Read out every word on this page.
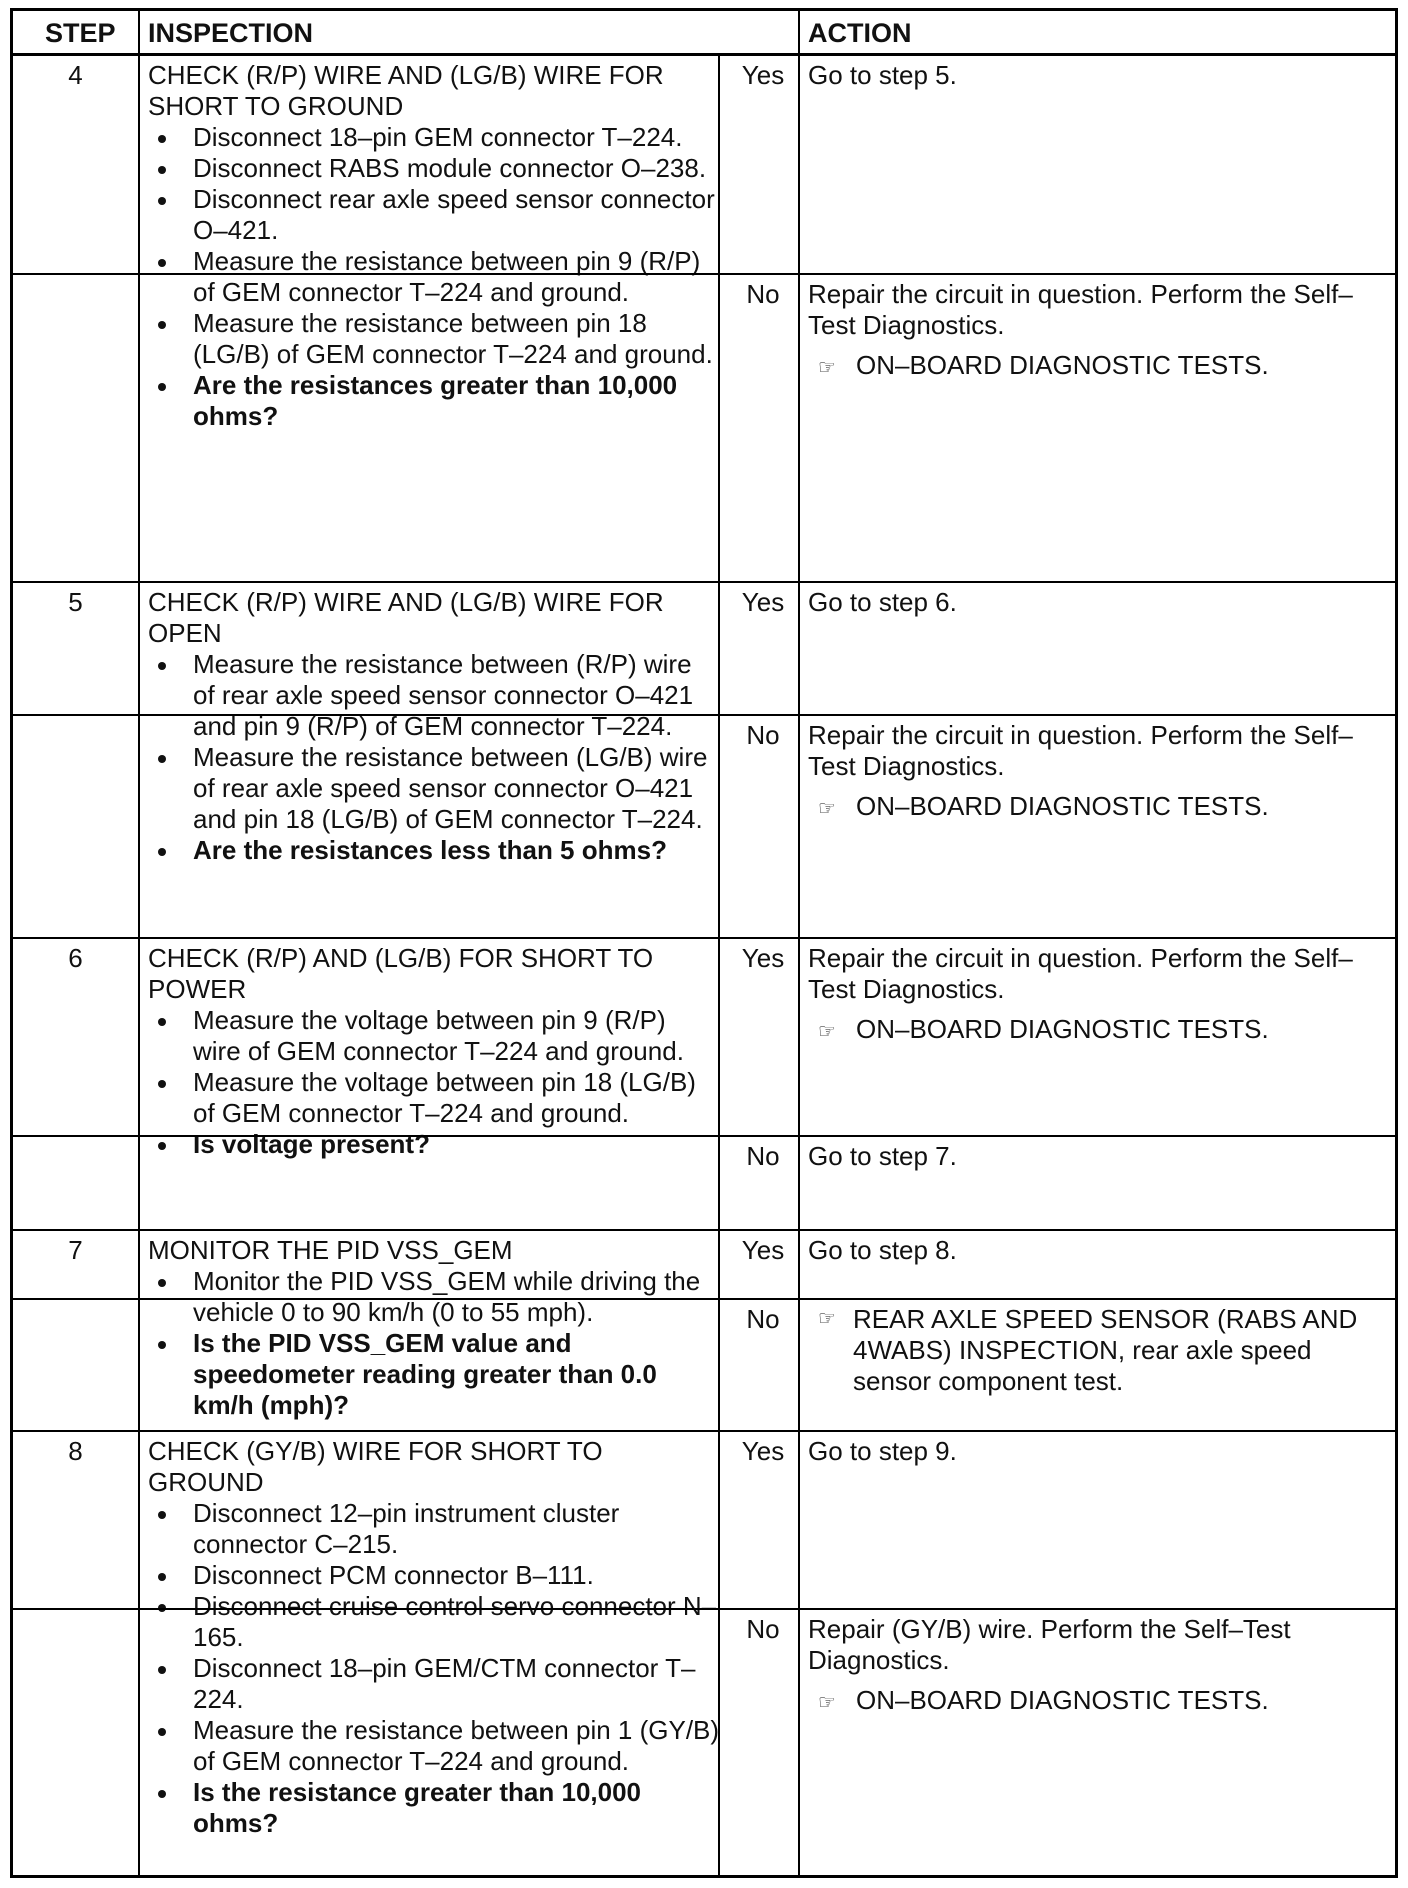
STEP INSPECTION	ACTION
4	CHECK (R/P) WIRE AND (LG/B) WIRE FOR SHORT TO GROUND

Disconnect 18–pin GEM connector T–224.
Disconnect RABS module connector O–238.
Disconnect rear axle speed sensor connector O–421.
Measure the resistance between pin 9 (R/P) of GEM connector T–224 and ground.
Measure the resistance between pin 18 (LG/B) of GEM connector T–224 and ground.
Are the resistances greater than 10,000 ohms?
Yes Go to step 5.

No	Repair the circuit in question. Perform the Self–Test Diagnostics.

☞ ON–BOARD DIAGNOSTIC TESTS.

5	CHECK (R/P) WIRE AND (LG/B) WIRE FOR OPEN

Measure the resistance between (R/P) wire of rear axle speed sensor connector O–421 and pin 9 (R/P) of GEM connector T–224.
Measure the resistance between (LG/B) wire of rear axle speed sensor connector O–421 and pin 18 (LG/B) of GEM connector T–224.
Are the resistances less than 5 ohms?
Yes Go to step 6.

No	Repair the circuit in question. Perform the Self–Test Diagnostics.

☞ ON–BOARD DIAGNOSTIC TESTS.

6	CHECK (R/P) AND (LG/B) FOR SHORT TO POWER

Measure the voltage between pin 9 (R/P) wire of GEM connector T–224 and ground.
Measure the voltage between pin 18 (LG/B) of GEM connector T–224 and ground.
Is voltage present?
Yes Repair the circuit in question. Perform the Self–Test Diagnostics.

☞ ON–BOARD DIAGNOSTIC TESTS.

No	Go to step 7.

7	MONITOR THE PID VSS_GEM

Monitor the PID VSS_GEM while driving the vehicle 0 to 90 km/h (0 to 55 mph).
Is the PID VSS_GEM value and speedometer reading greater than 0.0 km/h (mph)?
Yes Go to step 8.

No	☞ REAR AXLE SPEED SENSOR (RABS AND 4WABS) INSPECTION, rear axle speed sensor component test.

8	CHECK (GY/B) WIRE FOR SHORT TO GROUND

Disconnect 12–pin instrument cluster connector C–215.
Disconnect PCM connector B–111.
Disconnect cruise control servo connector N–165.
Disconnect 18–pin GEM/CTM connector T–224.
Measure the resistance between pin 1 (GY/B) of GEM connector T–224 and ground.
Is the resistance greater than 10,000 ohms?
Yes Go to step 9.

No	Repair (GY/B) wire. Perform the Self–Test Diagnostics.

☞ ON–BOARD DIAGNOSTIC TESTS.
